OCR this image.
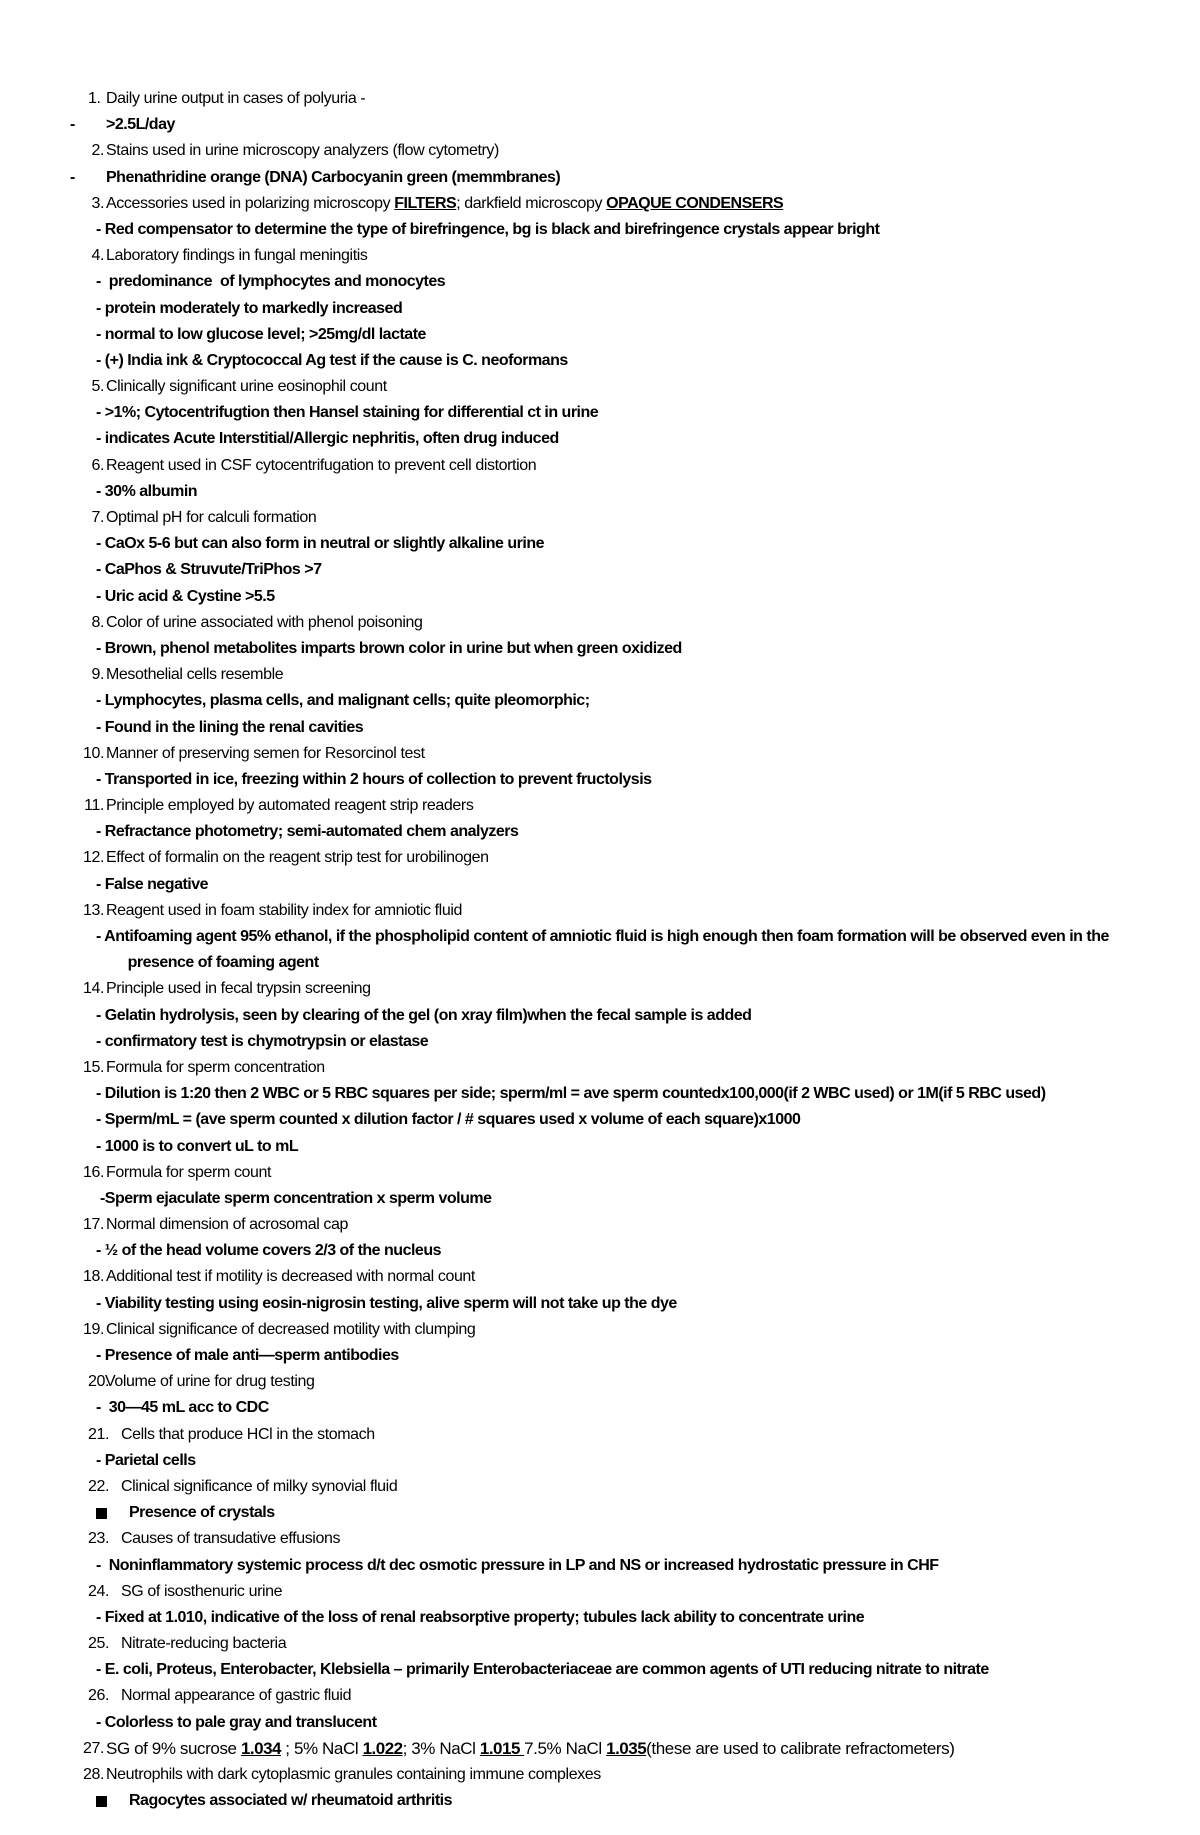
1. Daily urine output in cases of polyuria -
- >2.5L/day
2. Stains used in urine microscopy analyzers (flow cytometry)
- Phenathridine orange (DNA) Carbocyanin green (memmbranes)
3. Accessories used in polarizing microscopy FILTERS; darkfield microscopy OPAQUE CONDENSERS
- Red compensator to determine the type of birefringence, bg is black and birefringence crystals appear bright
4. Laboratory findings in fungal meningitis
-  predominance  of lymphocytes and monocytes
- protein moderately to markedly increased
- normal to low glucose level; >25mg/dl lactate
- (+) India ink & Cryptococcal Ag test if the cause is C. neoformans
5. Clinically significant urine eosinophil count
- >1%; Cytocentrifugtion then Hansel staining for differential ct in urine
- indicates Acute Interstitial/Allergic nephritis, often drug induced
6. Reagent used in CSF cytocentrifugation to prevent cell distortion
- 30% albumin
7. Optimal pH for calculi formation
- CaOx 5-6 but can also form in neutral or slightly alkaline urine
- CaPhos & Struvute/TriPhos >7
- Uric acid & Cystine >5.5
8. Color of urine associated with phenol poisoning
- Brown, phenol metabolites imparts brown color in urine but when green oxidized
9. Mesothelial cells resemble
- Lymphocytes, plasma cells, and malignant cells; quite pleomorphic;
- Found in the lining the renal cavities
10. Manner of preserving semen for Resorcinol test
- Transported in ice, freezing within 2 hours of collection to prevent fructolysis
11. Principle employed by automated reagent strip readers
- Refractance photometry; semi-automated chem analyzers
12. Effect of formalin on the reagent strip test for urobilinogen
- False negative
13. Reagent used in foam stability index for amniotic fluid
- Antifoaming agent 95% ethanol, if the phospholipid content of amniotic fluid is high enough then foam formation will be observed even in the
presence of foaming agent
14. Principle used in fecal trypsin screening
- Gelatin hydrolysis, seen by clearing of the gel (on xray film)when the fecal sample is added
- confirmatory test is chymotrypsin or elastase
15. Formula for sperm concentration
- Dilution is 1:20 then 2 WBC or 5 RBC squares per side; sperm/ml = ave sperm countedx100,000(if 2 WBC used) or 1M(if 5 RBC used)
- Sperm/mL = (ave sperm counted x dilution factor / # squares used x volume of each square)x1000
- 1000 is to convert uL to mL
16. Formula for sperm count
-Sperm ejaculate sperm concentration x sperm volume
17. Normal dimension of acrosomal cap
- ½ of the head volume covers 2/3 of the nucleus
18. Additional test if motility is decreased with normal count
- Viability testing using eosin-nigrosin testing, alive sperm will not take up the dye
19. Clinical significance of decreased motility with clumping
- Presence of male anti—sperm antibodies
20.
Volume of urine for drug testing
-  30—45 mL acc to CDC
21. Cells that produce HCl in the stomach
- Parietal cells
22. Clinical significance of milky synovial fluid
Presence of crystals
23. Causes of transudative effusions
-  Noninflammatory systemic process d/t dec osmotic pressure in LP and NS or increased hydrostatic pressure in CHF
24. SG of isosthenuric urine
- Fixed at 1.010, indicative of the loss of renal reabsorptive property; tubules lack ability to concentrate urine
25. Nitrate-reducing bacteria
- E. coli, Proteus, Enterobacter, Klebsiella – primarily Enterobacteriaceae are common agents of UTI reducing nitrate to nitrate
26. Normal appearance of gastric fluid
- Colorless to pale gray and translucent
27. SG of 9% sucrose 1.034 ; 5% NaCl 1.022; 3% NaCl 1.015 7.5% NaCl 1.035(these are used to calibrate refractometers)
28. Neutrophils with dark cytoplasmic granules containing immune complexes
Ragocytes associated w/ rheumatoid arthritis
